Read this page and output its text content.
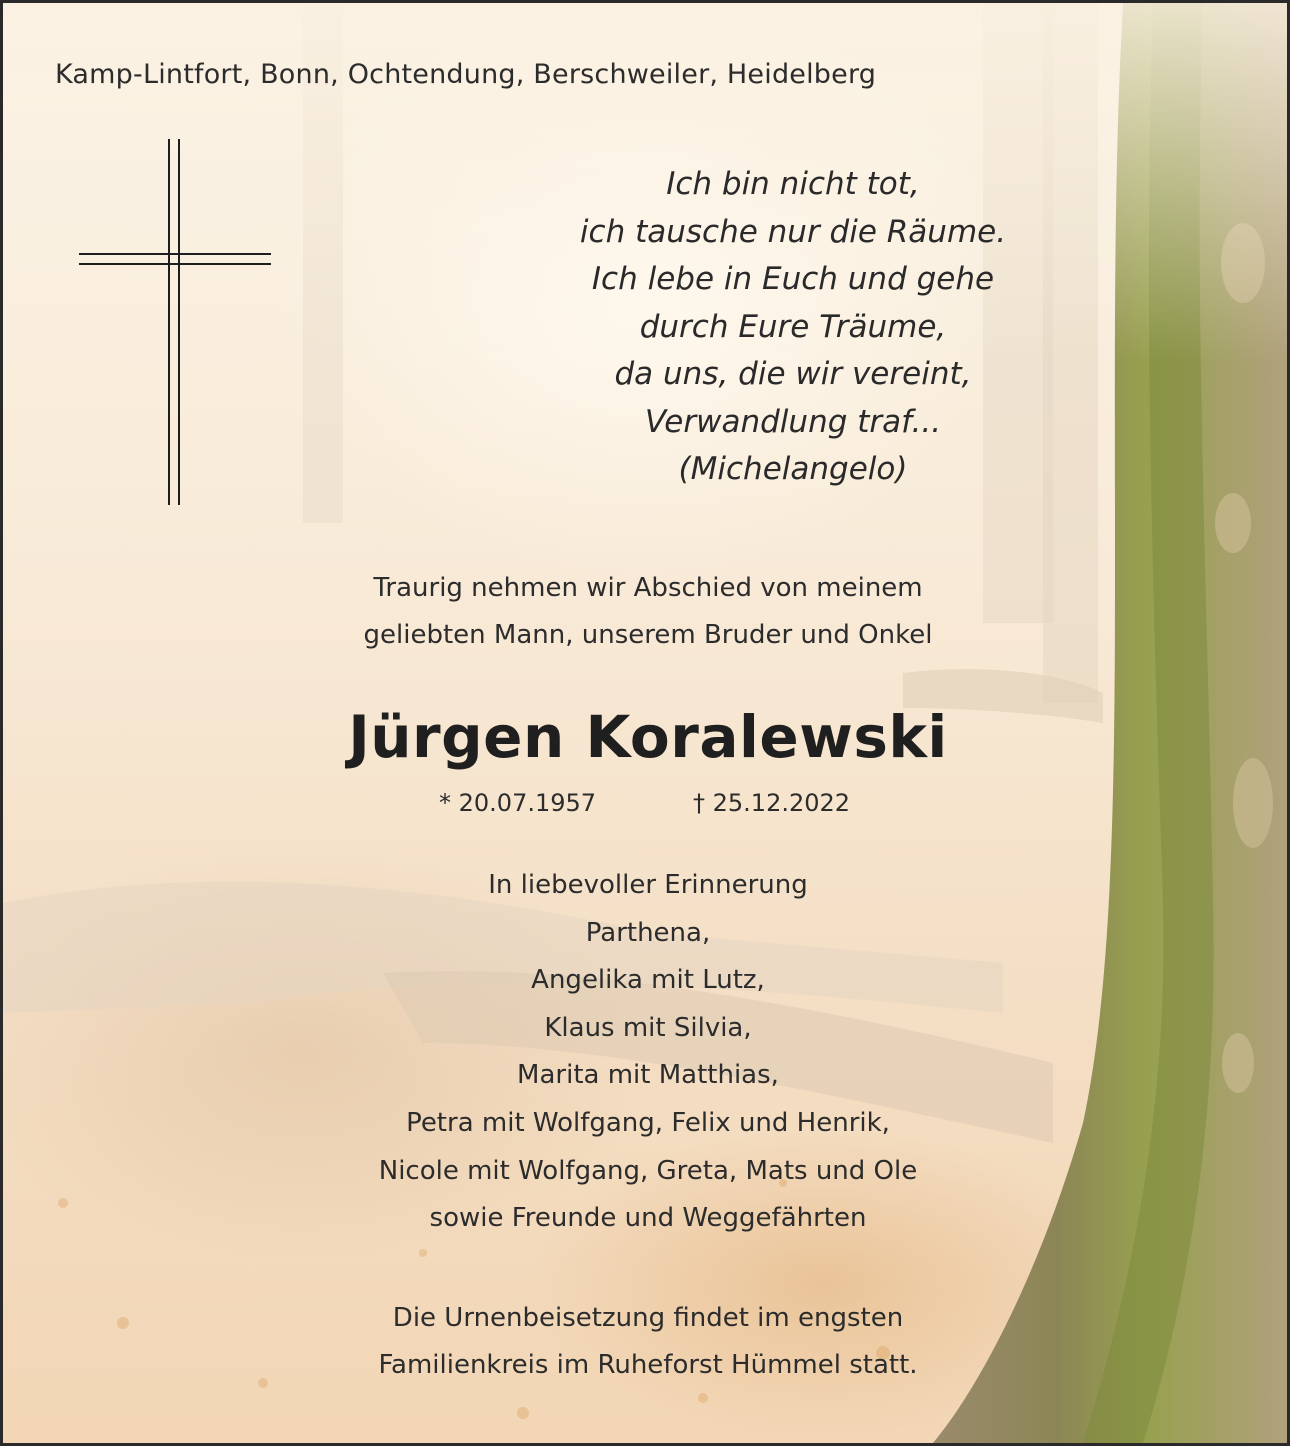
Kamp-Lintfort, Bonn, Ochtendung, Berschweiler, Heidelberg
Ich bin nicht tot,
ich tausche nur die Räume.
Ich lebe in Euch und gehe
durch Eure Träume,
da uns, die wir vereint,
Verwandlung traf...
(Michelangelo)
Traurig nehmen wir Abschied von meinem
geliebten Mann, unserem Bruder und Onkel
Jürgen Koralewski
* 20.07.1957	† 25.12.2022
In liebevoller Erinnerung
Parthena,
Angelika mit Lutz,
Klaus mit Silvia,
Marita mit Matthias,
Petra mit Wolfgang, Felix und Henrik,
Nicole mit Wolfgang, Greta, Mats und Ole
sowie Freunde und Weggefährten
Die Urnenbeisetzung findet im engsten
Familienkreis im Ruheforst Hümmel statt.
